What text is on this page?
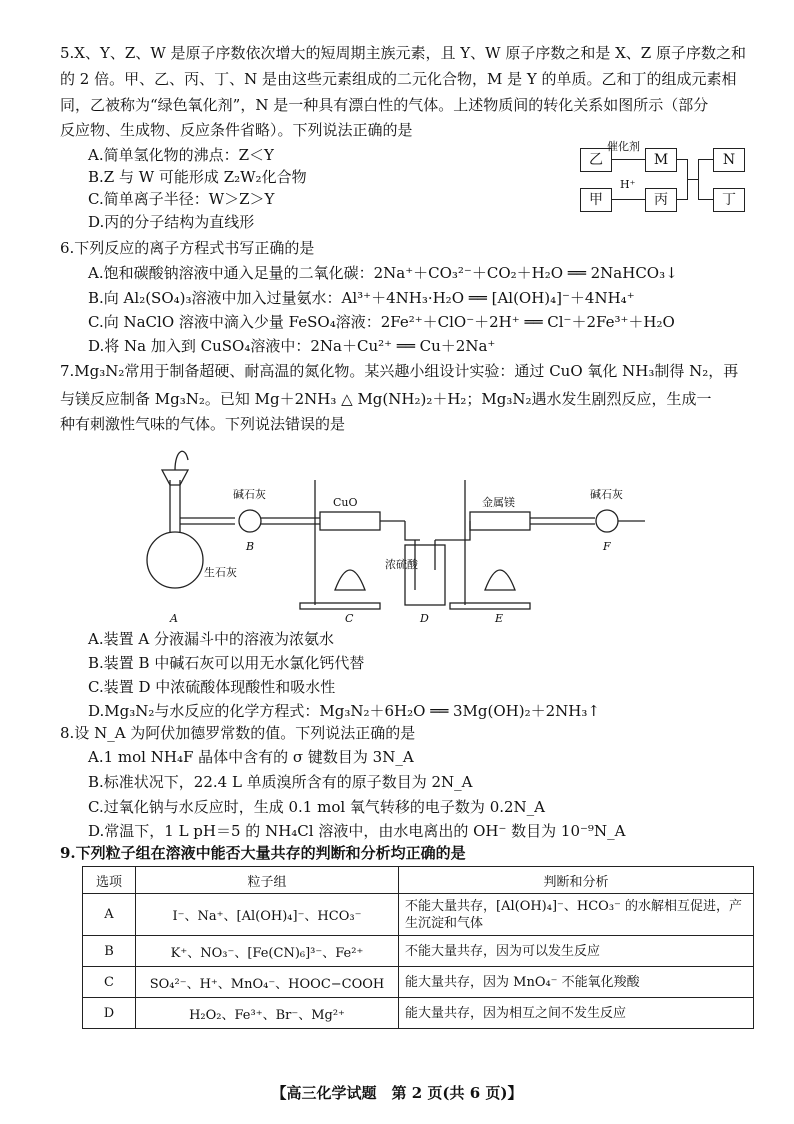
5.X、Y、Z、W 是原子序数依次增大的短周期主族元素，且 Y、W 原子序数之和是 X、Z 原子序数之和
的 2 倍。甲、乙、丙、丁、N 是由这些元素组成的二元化合物，M 是 Y 的单质。乙和丁的组成元素相
同，乙被称为“绿色氧化剂”，N 是一种具有漂白性的气体。上述物质间的转化关系如图所示（部分
反应物、生成物、反应条件省略）。下列说法正确的是
A.简单氢化物的沸点：Z＜Y
B.Z 与 W 可能形成 Z₂W₂化合物
C.简单离子半径：W＞Z＞Y
D.丙的分子结构为直线形
乙	M	N
甲	丙	丁
催化剂
H⁺
6.下列反应的离子方程式书写正确的是
A.饱和碳酸钠溶液中通入足量的二氧化碳：2Na⁺＋CO₃²⁻＋CO₂＋H₂O ══ 2NaHCO₃↓
B.向 Al₂(SO₄)₃溶液中加入过量氨水：Al³⁺＋4NH₃·H₂O ══ [Al(OH)₄]⁻＋4NH₄⁺
C.向 NaClO 溶液中滴入少量 FeSO₄溶液：2Fe²⁺＋ClO⁻＋2H⁺ ══ Cl⁻＋2Fe³⁺＋H₂O
D.将 Na 加入到 CuSO₄溶液中：2Na＋Cu²⁺ ══ Cu＋2Na⁺
7.Mg₃N₂常用于制备超硬、耐高温的氮化物。某兴趣小组设计实验：通过 CuO 氧化 NH₃制得 N₂，再
与镁反应制备 Mg₃N₂。已知 Mg＋2NH₃ △ Mg(NH₂)₂＋H₂；Mg₃N₂遇水发生剧烈反应，生成一
种有刺激性气味的气体。下列说法错误的是
碱石灰
生石灰
CuO	金属镁
碱石灰
浓硫酸
A
B
C	D	E
F
A.装置 A 分液漏斗中的溶液为浓氨水
B.装置 B 中碱石灰可以用无水氯化钙代替
C.装置 D 中浓硫酸体现酸性和吸水性
D.Mg₃N₂与水反应的化学方程式：Mg₃N₂＋6H₂O ══ 3Mg(OH)₂＋2NH₃↑
8.设 N_A 为阿伏加德罗常数的值。下列说法正确的是
A.1 mol NH₄F 晶体中含有的 σ 键数目为 3N_A
B.标准状况下，22.4 L 单质溴所含有的原子数目为 2N_A
C.过氧化钠与水反应时，生成 0.1 mol 氧气转移的电子数为 0.2N_A
D.常温下，1 L pH＝5 的 NH₄Cl 溶液中，由水电离出的 OH⁻ 数目为 10⁻⁹N_A
9.下列粒子组在溶液中能否大量共存的判断和分析均正确的是
选项	粒子组	判断和分析
A	I⁻、Na⁺、[Al(OH)₄]⁻、HCO₃⁻	不能大量共存，[Al(OH)₄]⁻、HCO₃⁻ 的水解相互促进，产生沉淀和气体
B	K⁺、NO₃⁻、[Fe(CN)₆]³⁻、Fe²⁺	不能大量共存，因为可以发生反应
C	SO₄²⁻、H⁺、MnO₄⁻、HOOC−COOH	能大量共存，因为 MnO₄⁻ 不能氧化羧酸
D	H₂O₂、Fe³⁺、Br⁻、Mg²⁺	能大量共存，因为相互之间不发生反应
【高三化学试题　第 2 页(共 6 页)】
